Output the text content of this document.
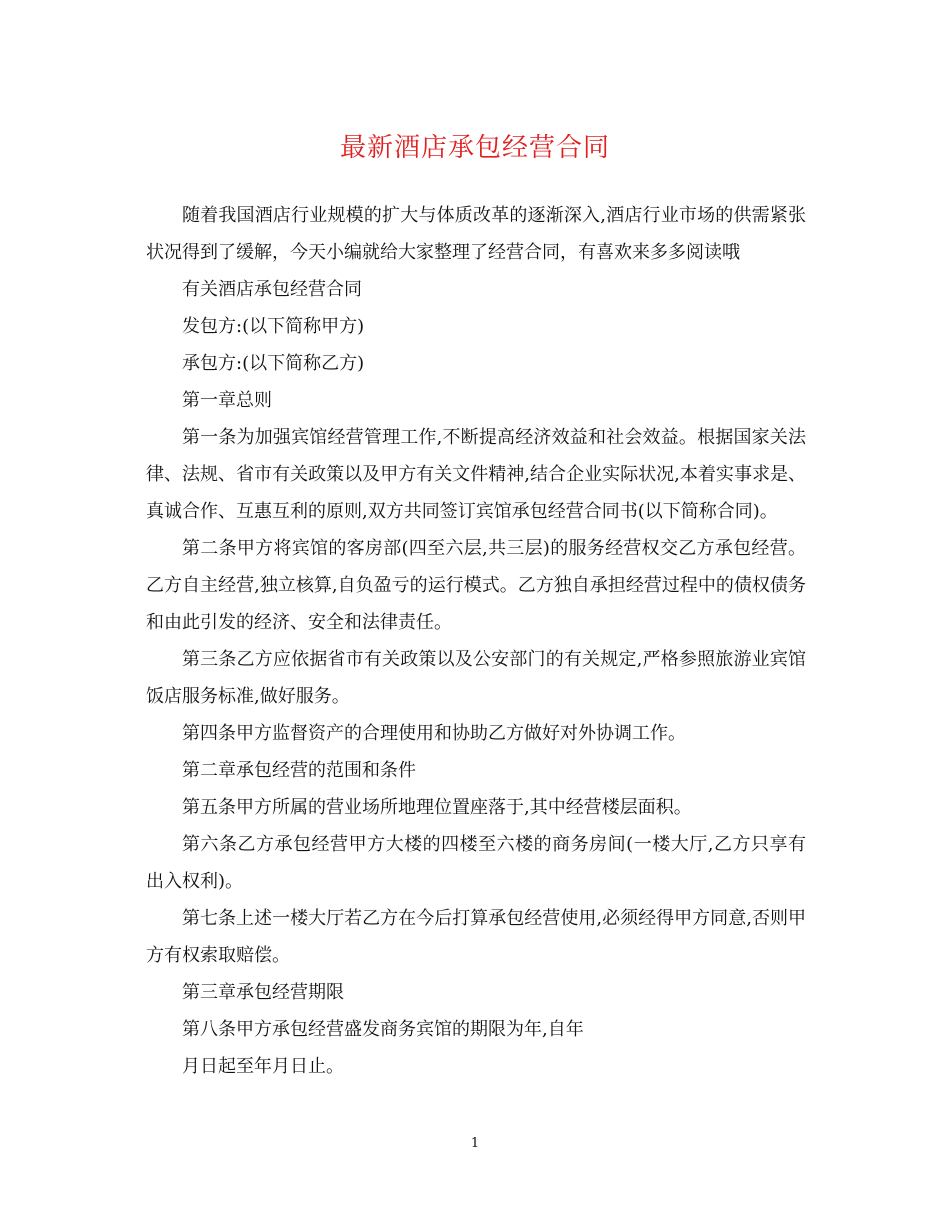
最新酒店承包经营合同

随着我国酒店行业规模的扩大与体质改革的逐渐深入,酒店行业市场的供需紧张状况得到了缓解，今天小编就给大家整理了经营合同，有喜欢来多多阅读哦

有关酒店承包经营合同

发包方:(以下简称甲方)

承包方:(以下简称乙方)

第一章总则

第一条为加强宾馆经营管理工作,不断提高经济效益和社会效益。根据国家关法律、法规、省市有关政策以及甲方有关文件精神,结合企业实际状况,本着实事求是、真诚合作、互惠互利的原则,双方共同签订宾馆承包经营合同书(以下简称合同)。

第二条甲方将宾馆的客房部(四至六层,共三层)的服务经营权交乙方承包经营。乙方自主经营,独立核算,自负盈亏的运行模式。乙方独自承担经营过程中的债权债务和由此引发的经济、安全和法律责任。

第三条乙方应依据省市有关政策以及公安部门的有关规定,严格参照旅游业宾馆饭店服务标准,做好服务。

第四条甲方监督资产的合理使用和协助乙方做好对外协调工作。

第二章承包经营的范围和条件

第五条甲方所属的营业场所地理位置座落于,其中经营楼层面积。

第六条乙方承包经营甲方大楼的四楼至六楼的商务房间(一楼大厅,乙方只享有出入权利)。

第七条上述一楼大厅若乙方在今后打算承包经营使用,必须经得甲方同意,否则甲方有权索取赔偿。

第三章承包经营期限

第八条甲方承包经营盛发商务宾馆的期限为年,自年

月日起至年月日止。

1
